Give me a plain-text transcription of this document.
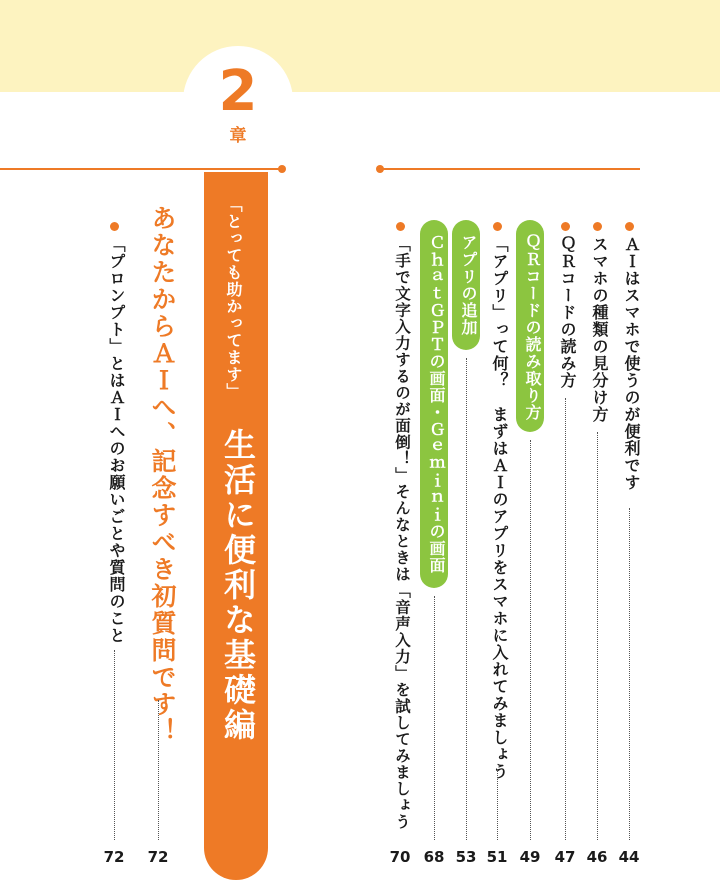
2
章
「とっても助かってます」
生活に便利な基礎編
ＡＩはスマホで使うのが便利です
44
スマホの種類の見分け方
46
ＱＲコードの読み方
47
ＱＲコードの読み取り方
49
「アプリ」って何？　まずはＡＩのアプリをスマホに入れてみましょう
51
アプリの追加
53
ＣｈａｔＧＰＴの画面・Ｇｅｍｉｎｉの画面
68
「手で文字入力するのが面倒！」そんなときは「音声入力」を試してみましょう
70
あなたからＡＩへ、記念すべき初質問です！
72
「プロンプト」とはＡＩへのお願いごとや質問のこと
72
